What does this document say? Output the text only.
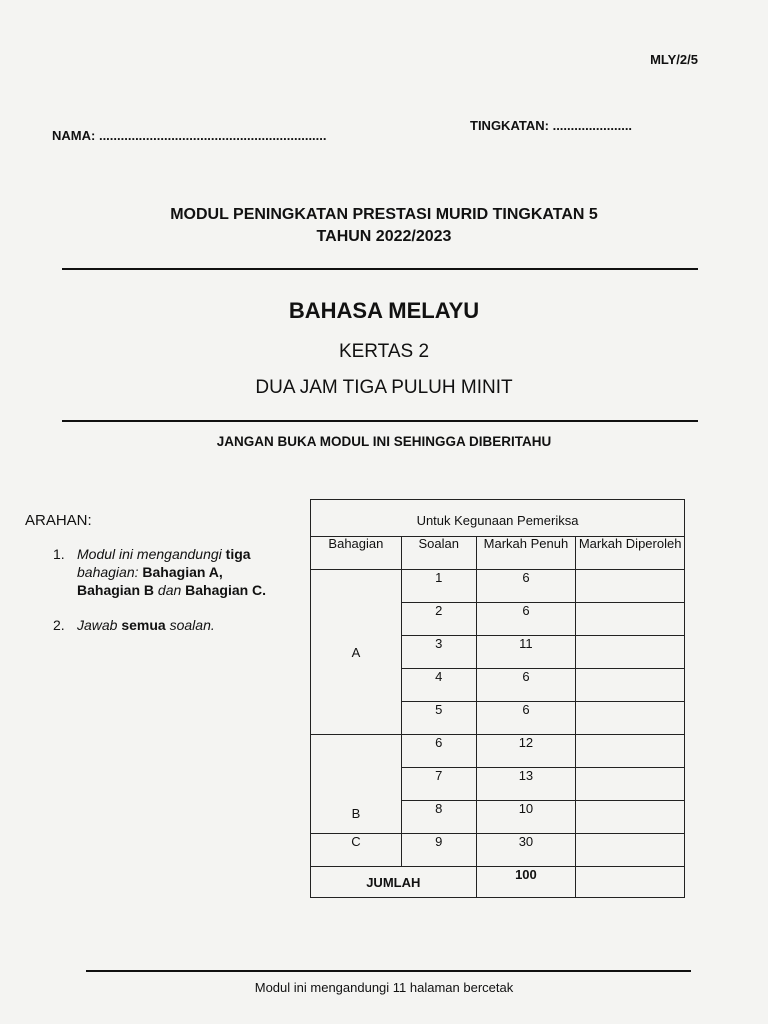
MLY/2/5
NAMA: ...............................................................
TINGKATAN: ......................
MODUL PENINGKATAN PRESTASI MURID TINGKATAN 5
TAHUN 2022/2023
BAHASA MELAYU
KERTAS 2
DUA JAM TIGA PULUH MINIT
JANGAN BUKA MODUL INI SEHINGGA DIBERITAHU
ARAHAN:
1. Modul ini mengandungi tiga
bahagian: Bahagian A,
Bahagian B dan Bahagian C.
2. Jawab semua soalan.
Untuk Kegunaan Pemeriksa			
Bahagian	Soalan	Markah Penuh	Markah Diperoleh
A	1	6	
	2	6	
	3	11	
	4	6	
	5	6	
B	6	12	
	7	13	
	8	10	
C	9	30	
JUMLAH		100	
Modul ini mengandungi 11 halaman bercetak
